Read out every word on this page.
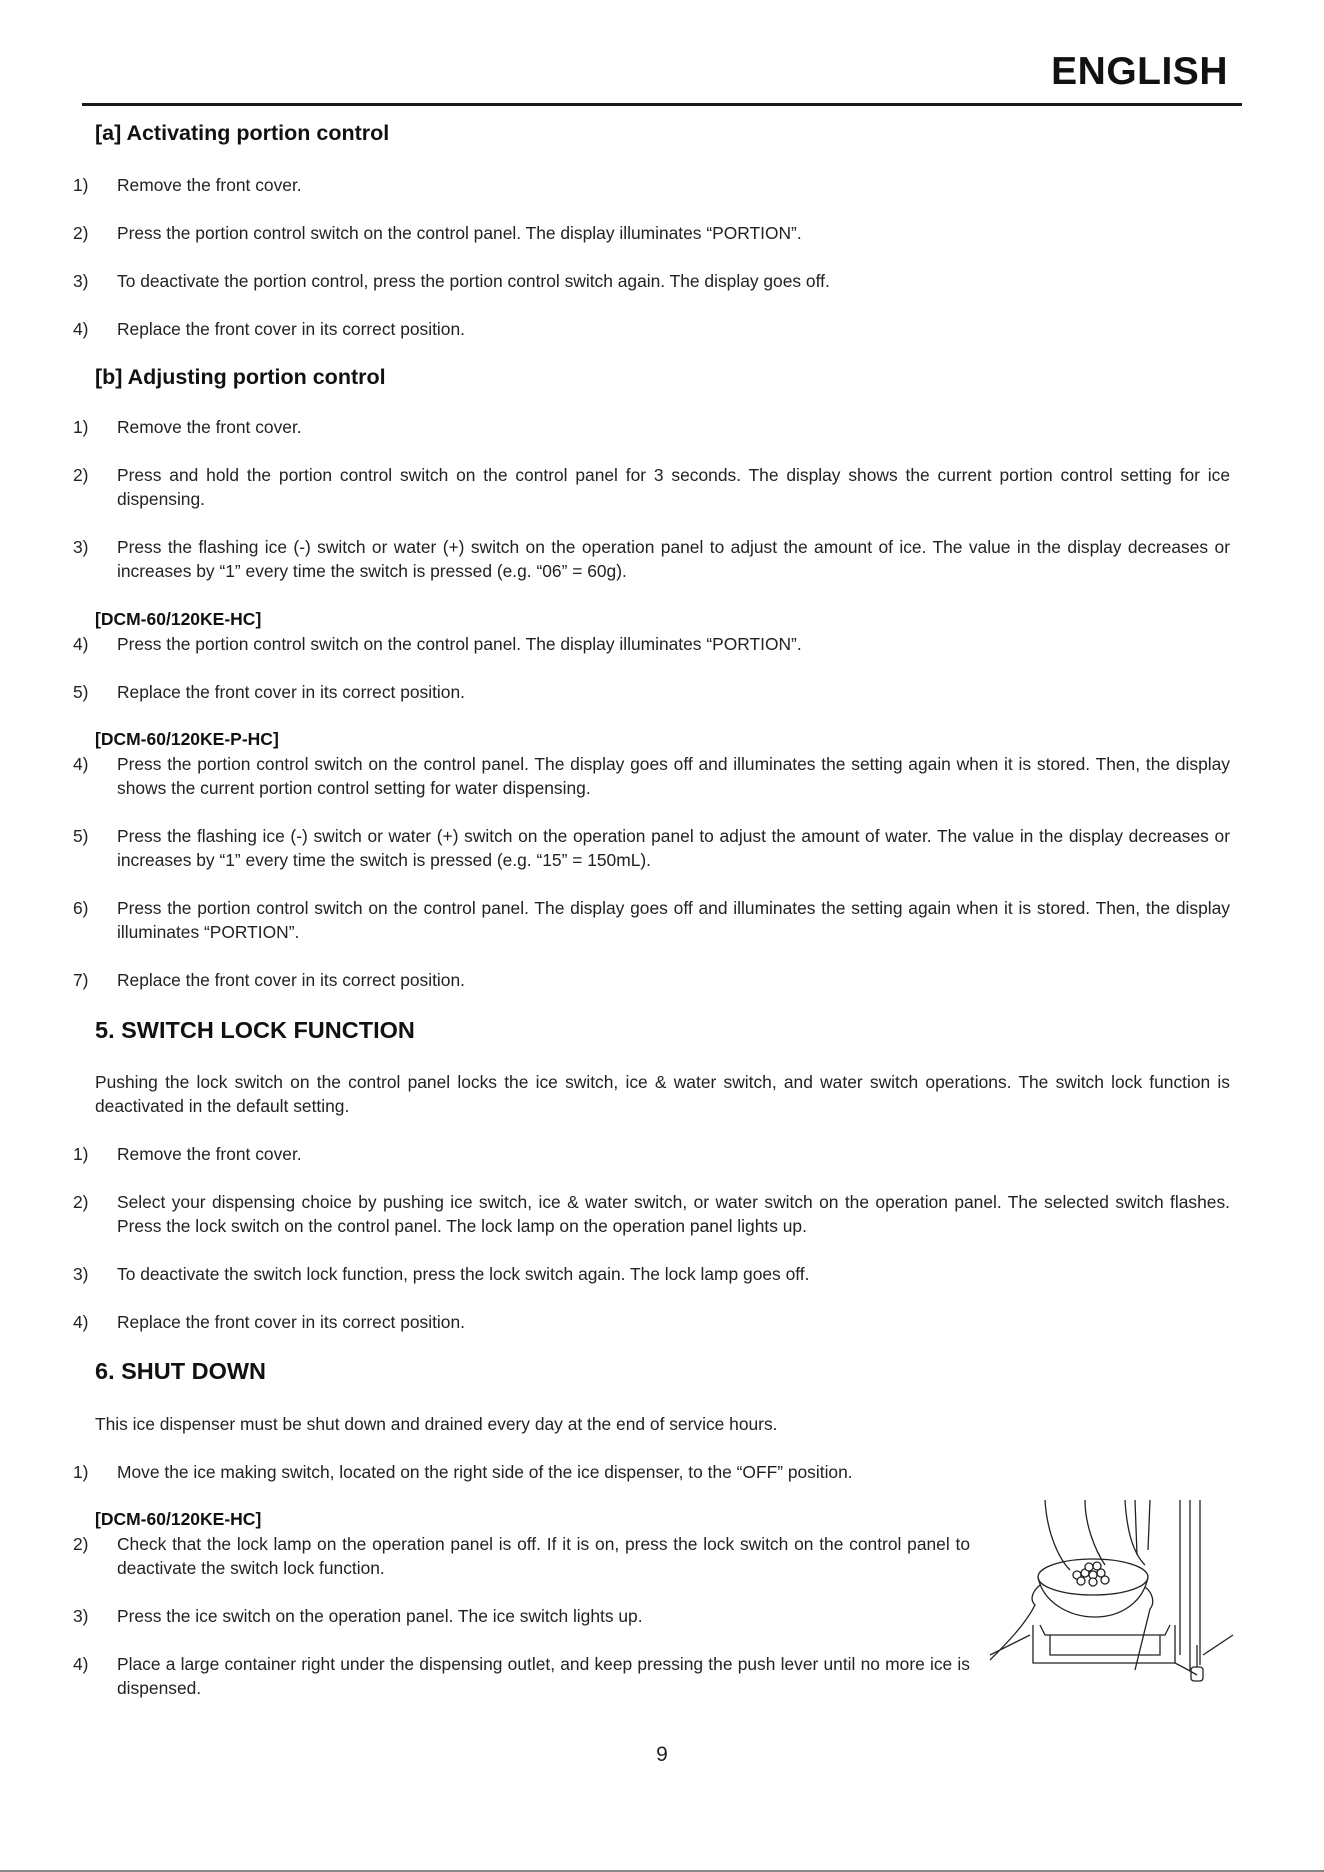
ENGLISH
[a] Activating portion control
1) Remove the front cover.
2) Press the portion control switch on the control panel. The display illuminates “PORTION”.
3) To deactivate the portion control, press the portion control switch again. The display goes off.
4) Replace the front cover in its correct position.
[b] Adjusting portion control
1) Remove the front cover.
2) Press and hold the portion control switch on the control panel for 3 seconds. The display shows the current portion control setting for ice dispensing.
3) Press the flashing ice (-) switch or water (+) switch on the operation panel to adjust the amount of ice. The value in the display decreases or increases by “1” every time the switch is pressed (e.g. “06” = 60g).
[DCM-60/120KE-HC]
4) Press the portion control switch on the control panel. The display illuminates “PORTION”.
5) Replace the front cover in its correct position.
[DCM-60/120KE-P-HC]
4) Press the portion control switch on the control panel. The display goes off and illuminates the setting again when it is stored. Then, the display shows the current portion control setting for water dispensing.
5) Press the flashing ice (-) switch or water (+) switch on the operation panel to adjust the amount of water. The value in the display decreases or increases by “1” every time the switch is pressed (e.g. “15” = 150mL).
6) Press the portion control switch on the control panel. The display goes off and illuminates the setting again when it is stored. Then, the display illuminates “PORTION”.
7) Replace the front cover in its correct position.
5. SWITCH LOCK FUNCTION
Pushing the lock switch on the control panel locks the ice switch, ice & water switch, and water switch operations. The switch lock function is deactivated in the default setting.
1) Remove the front cover.
2) Select your dispensing choice by pushing ice switch, ice & water switch, or water switch on the operation panel. The selected switch flashes. Press the lock switch on the control panel. The lock lamp on the operation panel lights up.
3) To deactivate the switch lock function, press the lock switch again. The lock lamp goes off.
4) Replace the front cover in its correct position.
6. SHUT DOWN
This ice dispenser must be shut down and drained every day at the end of service hours.
1) Move the ice making switch, located on the right side of the ice dispenser, to the “OFF” position.
[DCM-60/120KE-HC]
2) Check that the lock lamp on the operation panel is off. If it is on, press the lock switch on the control panel to deactivate the switch lock function.
3) Press the ice switch on the operation panel. The ice switch lights up.
4) Place a large container right under the dispensing outlet, and keep pressing the push lever until no more ice is dispensed.
9
